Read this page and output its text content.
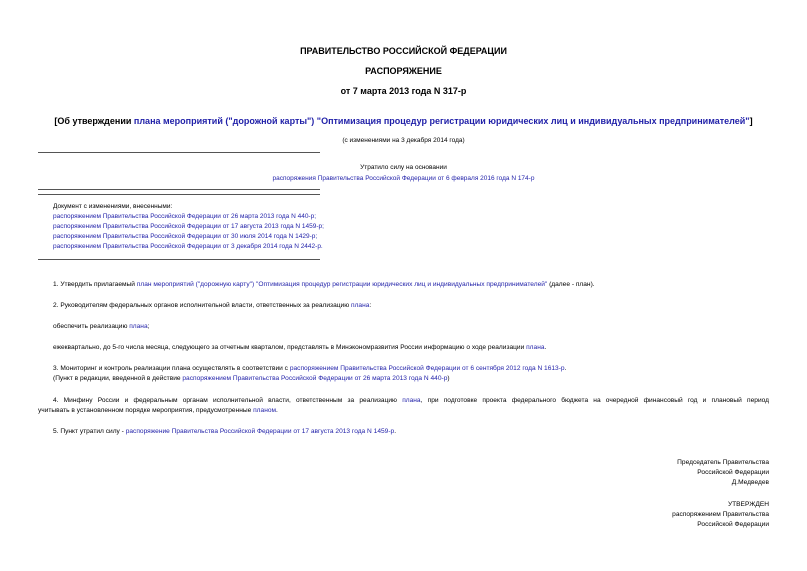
ПРАВИТЕЛЬСТВО РОССИЙСКОЙ ФЕДЕРАЦИИ
РАСПОРЯЖЕНИЕ
от 7 марта 2013 года N 317-р
[Об утверждении плана мероприятий ("дорожной карты") "Оптимизация процедур регистрации юридических лиц и индивидуальных предпринимателей"]
(с изменениями на 3 декабря 2014 года)
Утратило силу на основании
распоряжения Правительства Российской Федерации от 6 февраля 2016 года N 174-р
Документ с изменениями, внесенными:
распоряжением Правительства Российской Федерации от 26 марта 2013 года N 440-р;
распоряжением Правительства Российской Федерации от 17 августа 2013 года N 1459-р;
распоряжением Правительства Российской Федерации от 30 июля 2014 года N 1429-р;
распоряжением Правительства Российской Федерации от 3 декабря 2014 года N 2442-р.
1. Утвердить прилагаемый план мероприятий ("дорожную карту") "Оптимизация процедур регистрации юридических лиц и индивидуальных предпринимателей" (далее - план).
2. Руководителям федеральных органов исполнительной власти, ответственных за реализацию плана:
обеспечить реализацию плана;
ежеквартально, до 5-го числа месяца, следующего за отчетным кварталом, представлять в Минэкономразвития России информацию о ходе реализации плана.
3. Мониторинг и контроль реализации плана осуществлять в соответствии с распоряжением Правительства Российской Федерации от 6 сентября 2012 года N 1613-р.
(Пункт в редакции, введенной в действие распоряжением Правительства Российской Федерации от 26 марта 2013 года N 440-р)
4. Минфину России и федеральным органам исполнительной власти, ответственным за реализацию плана, при подготовке проекта федерального бюджета на очередной финансовый год и плановый период
учитывать в установленном порядке мероприятия, предусмотренные планом.
5. Пункт утратил силу - распоряжение Правительства Российской Федерации от 17 августа 2013 года N 1459-р.
Председатель Правительства
Российской Федерации
Д.Медведев
УТВЕРЖДЕН
распоряжением Правительства
Российской Федерации
